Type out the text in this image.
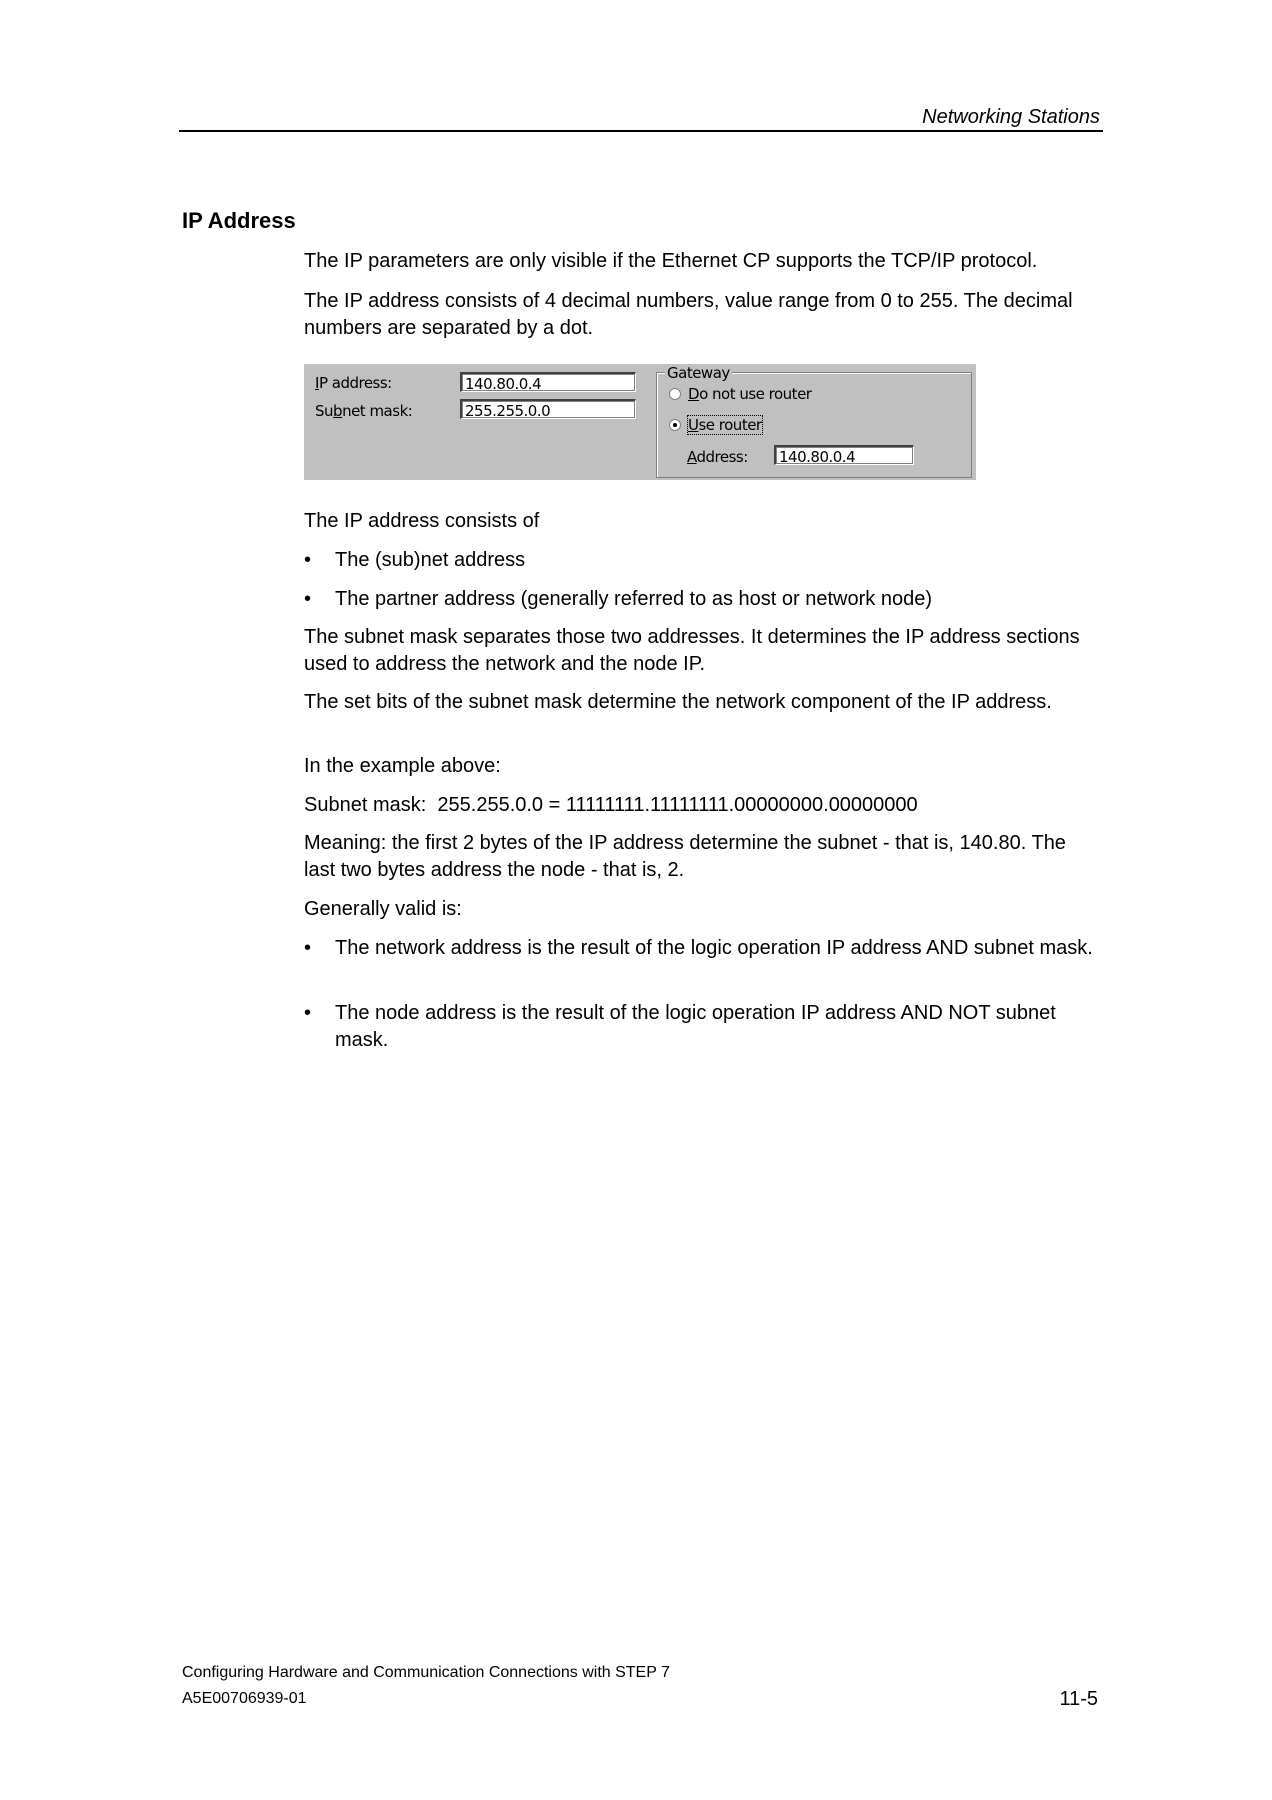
Networking Stations
IP Address

The IP parameters are only visible if the Ethernet CP supports the TCP/IP protocol.

The IP address consists of 4 decimal numbers, value range from 0 to 255. The decimal numbers are separated by a dot.

IP address:	140.80.0.4
Subnet mask:	255.255.0.0
Gateway
Do not use router
Use router
Address:	140.80.0.4

The IP address consists of

• The (sub)net address
• The partner address (generally referred to as host or network node)

The subnet mask separates those two addresses. It determines the IP address sections used to address the network and the node IP.

The set bits of the subnet mask determine the network component of the IP address.

In the example above:

Subnet mask:  255.255.0.0 = 11111111.11111111.00000000.00000000

Meaning: the first 2 bytes of the IP address determine the subnet - that is, 140.80. The last two bytes address the node - that is, 2.

Generally valid is:

• The network address is the result of the logic operation IP address AND subnet mask.
• The node address is the result of the logic operation IP address AND NOT subnet mask.
Configuring Hardware and Communication Connections with STEP 7
A5E00706939-01	11-5
